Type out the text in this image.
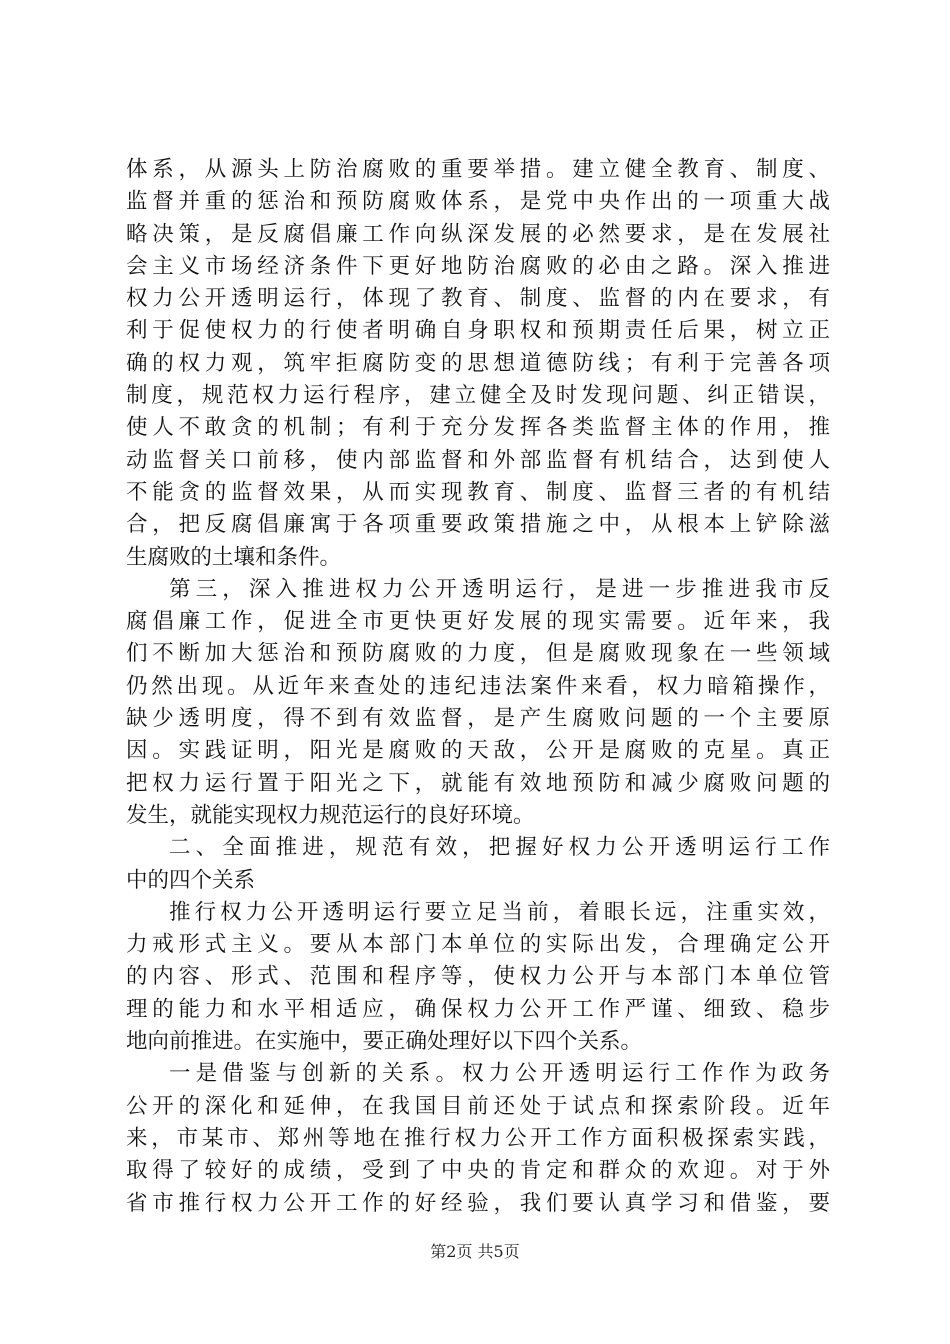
体系，从源头上防治腐败的重要举措。建立健全教育、制度、
监督并重的惩治和预防腐败体系，是党中央作出的一项重大战
略决策，是反腐倡廉工作向纵深发展的必然要求，是在发展社
会主义市场经济条件下更好地防治腐败的必由之路。深入推进
权力公开透明运行，体现了教育、制度、监督的内在要求，有
利于促使权力的行使者明确自身职权和预期责任后果，树立正
确的权力观，筑牢拒腐防变的思想道德防线；有利于完善各项
制度，规范权力运行程序，建立健全及时发现问题、纠正错误，
使人不敢贪的机制；有利于充分发挥各类监督主体的作用，推
动监督关口前移，使内部监督和外部监督有机结合，达到使人
不能贪的监督效果，从而实现教育、制度、监督三者的有机结
合，把反腐倡廉寓于各项重要政策措施之中，从根本上铲除滋
生腐败的土壤和条件。
第三，深入推进权力公开透明运行，是进一步推进我市反
腐倡廉工作，促进全市更快更好发展的现实需要。近年来，我
们不断加大惩治和预防腐败的力度，但是腐败现象在一些领域
仍然出现。从近年来查处的违纪违法案件来看，权力暗箱操作，
缺少透明度，得不到有效监督，是产生腐败问题的一个主要原
因。实践证明，阳光是腐败的天敌，公开是腐败的克星。真正
把权力运行置于阳光之下，就能有效地预防和减少腐败问题的
发生，就能实现权力规范运行的良好环境。
二、全面推进，规范有效，把握好权力公开透明运行工作
中的四个关系
推行权力公开透明运行要立足当前，着眼长远，注重实效，
力戒形式主义。要从本部门本单位的实际出发，合理确定公开
的内容、形式、范围和程序等，使权力公开与本部门本单位管
理的能力和水平相适应，确保权力公开工作严谨、细致、稳步
地向前推进。在实施中，要正确处理好以下四个关系。
一是借鉴与创新的关系。权力公开透明运行工作作为政务
公开的深化和延伸，在我国目前还处于试点和探索阶段。近年
来，市某市、郑州等地在推行权力公开工作方面积极探索实践，
取得了较好的成绩，受到了中央的肯定和群众的欢迎。对于外
省市推行权力公开工作的好经验，我们要认真学习和借鉴，要
第2页 共5页
